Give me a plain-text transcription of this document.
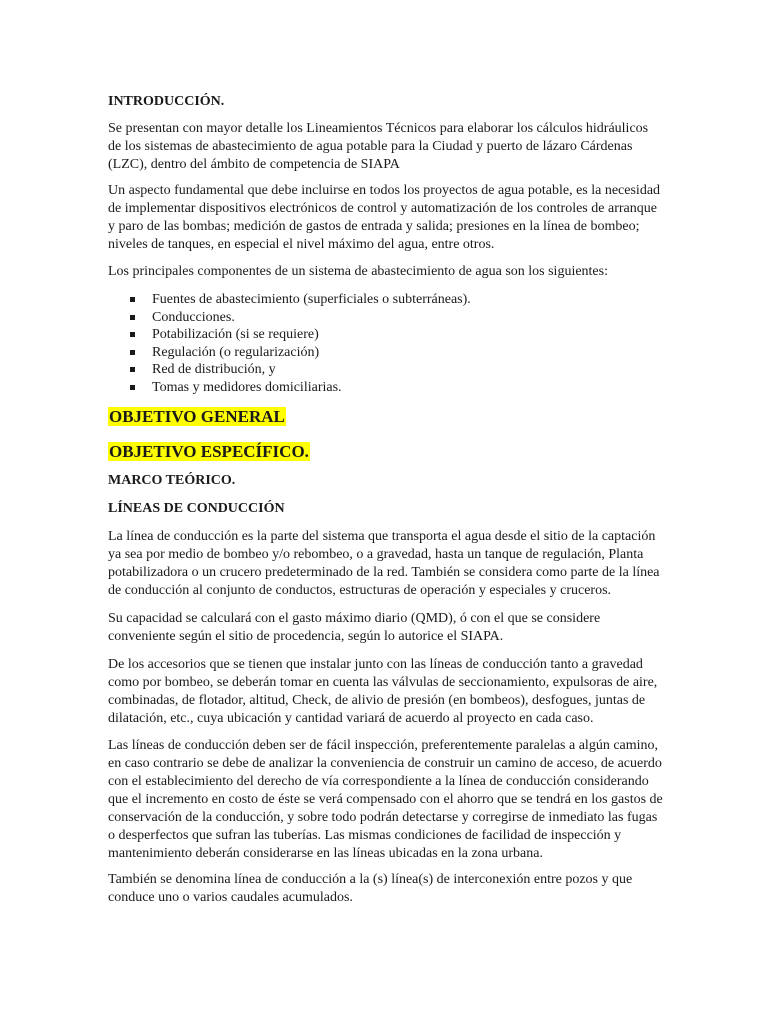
INTRODUCCIÓN.

Se presentan con mayor detalle los Lineamientos Técnicos para elaborar los cálculos hidráulicos de los sistemas de abastecimiento de agua potable para la Ciudad y puerto de lázaro Cárdenas (LZC), dentro del ámbito de competencia de SIAPA

Un aspecto fundamental que debe incluirse en todos los proyectos de agua potable, es la necesidad de implementar dispositivos electrónicos de control y automatización de los controles de arranque y paro de las bombas; medición de gastos de entrada y salida; presiones en la línea de bombeo; niveles de tanques, en especial el nivel máximo del agua, entre otros.

Los principales componentes de un sistema de abastecimiento de agua son los siguientes:

Fuentes de abastecimiento (superficiales o subterráneas).
Conducciones.
Potabilización (si se requiere)
Regulación (o regularización)
Red de distribución, y
Tomas y medidores domiciliarias.

OBJETIVO GENERAL

OBJETIVO ESPECÍFICO.

MARCO TEÓRICO.

LÍNEAS DE CONDUCCIÓN

La línea de conducción es la parte del sistema que transporta el agua desde el sitio de la captación ya sea por medio de bombeo y/o rebombeo, o a gravedad, hasta un tanque de regulación, Planta potabilizadora o un crucero predeterminado de la red. También se considera como parte de la línea de conducción al conjunto de conductos, estructuras de operación y especiales y cruceros.

Su capacidad se calculará con el gasto máximo diario (QMD), ó con el que se considere conveniente según el sitio de procedencia, según lo autorice el SIAPA.

De los accesorios que se tienen que instalar junto con las líneas de conducción tanto a gravedad como por bombeo, se deberán tomar en cuenta las válvulas de seccionamiento, expulsoras de aire, combinadas, de flotador, altitud, Check, de alivio de presión (en bombeos), desfogues, juntas de dilatación, etc., cuya ubicación y cantidad variará de acuerdo al proyecto en cada caso.

Las líneas de conducción deben ser de fácil inspección, preferentemente paralelas a algún camino, en caso contrario se debe de analizar la conveniencia de construir un camino de acceso, de acuerdo con el establecimiento del derecho de vía correspondiente a la línea de conducción considerando que el incremento en costo de éste se verá compensado con el ahorro que se tendrá en los gastos de conservación de la conducción, y sobre todo podrán detectarse y corregirse de inmediato las fugas o desperfectos que sufran las tuberías. Las mismas condiciones de facilidad de inspección y mantenimiento deberán considerarse en las líneas ubicadas en la zona urbana.

También se denomina línea de conducción a la (s) línea(s) de interconexión entre pozos y que conduce uno o varios caudales acumulados.
